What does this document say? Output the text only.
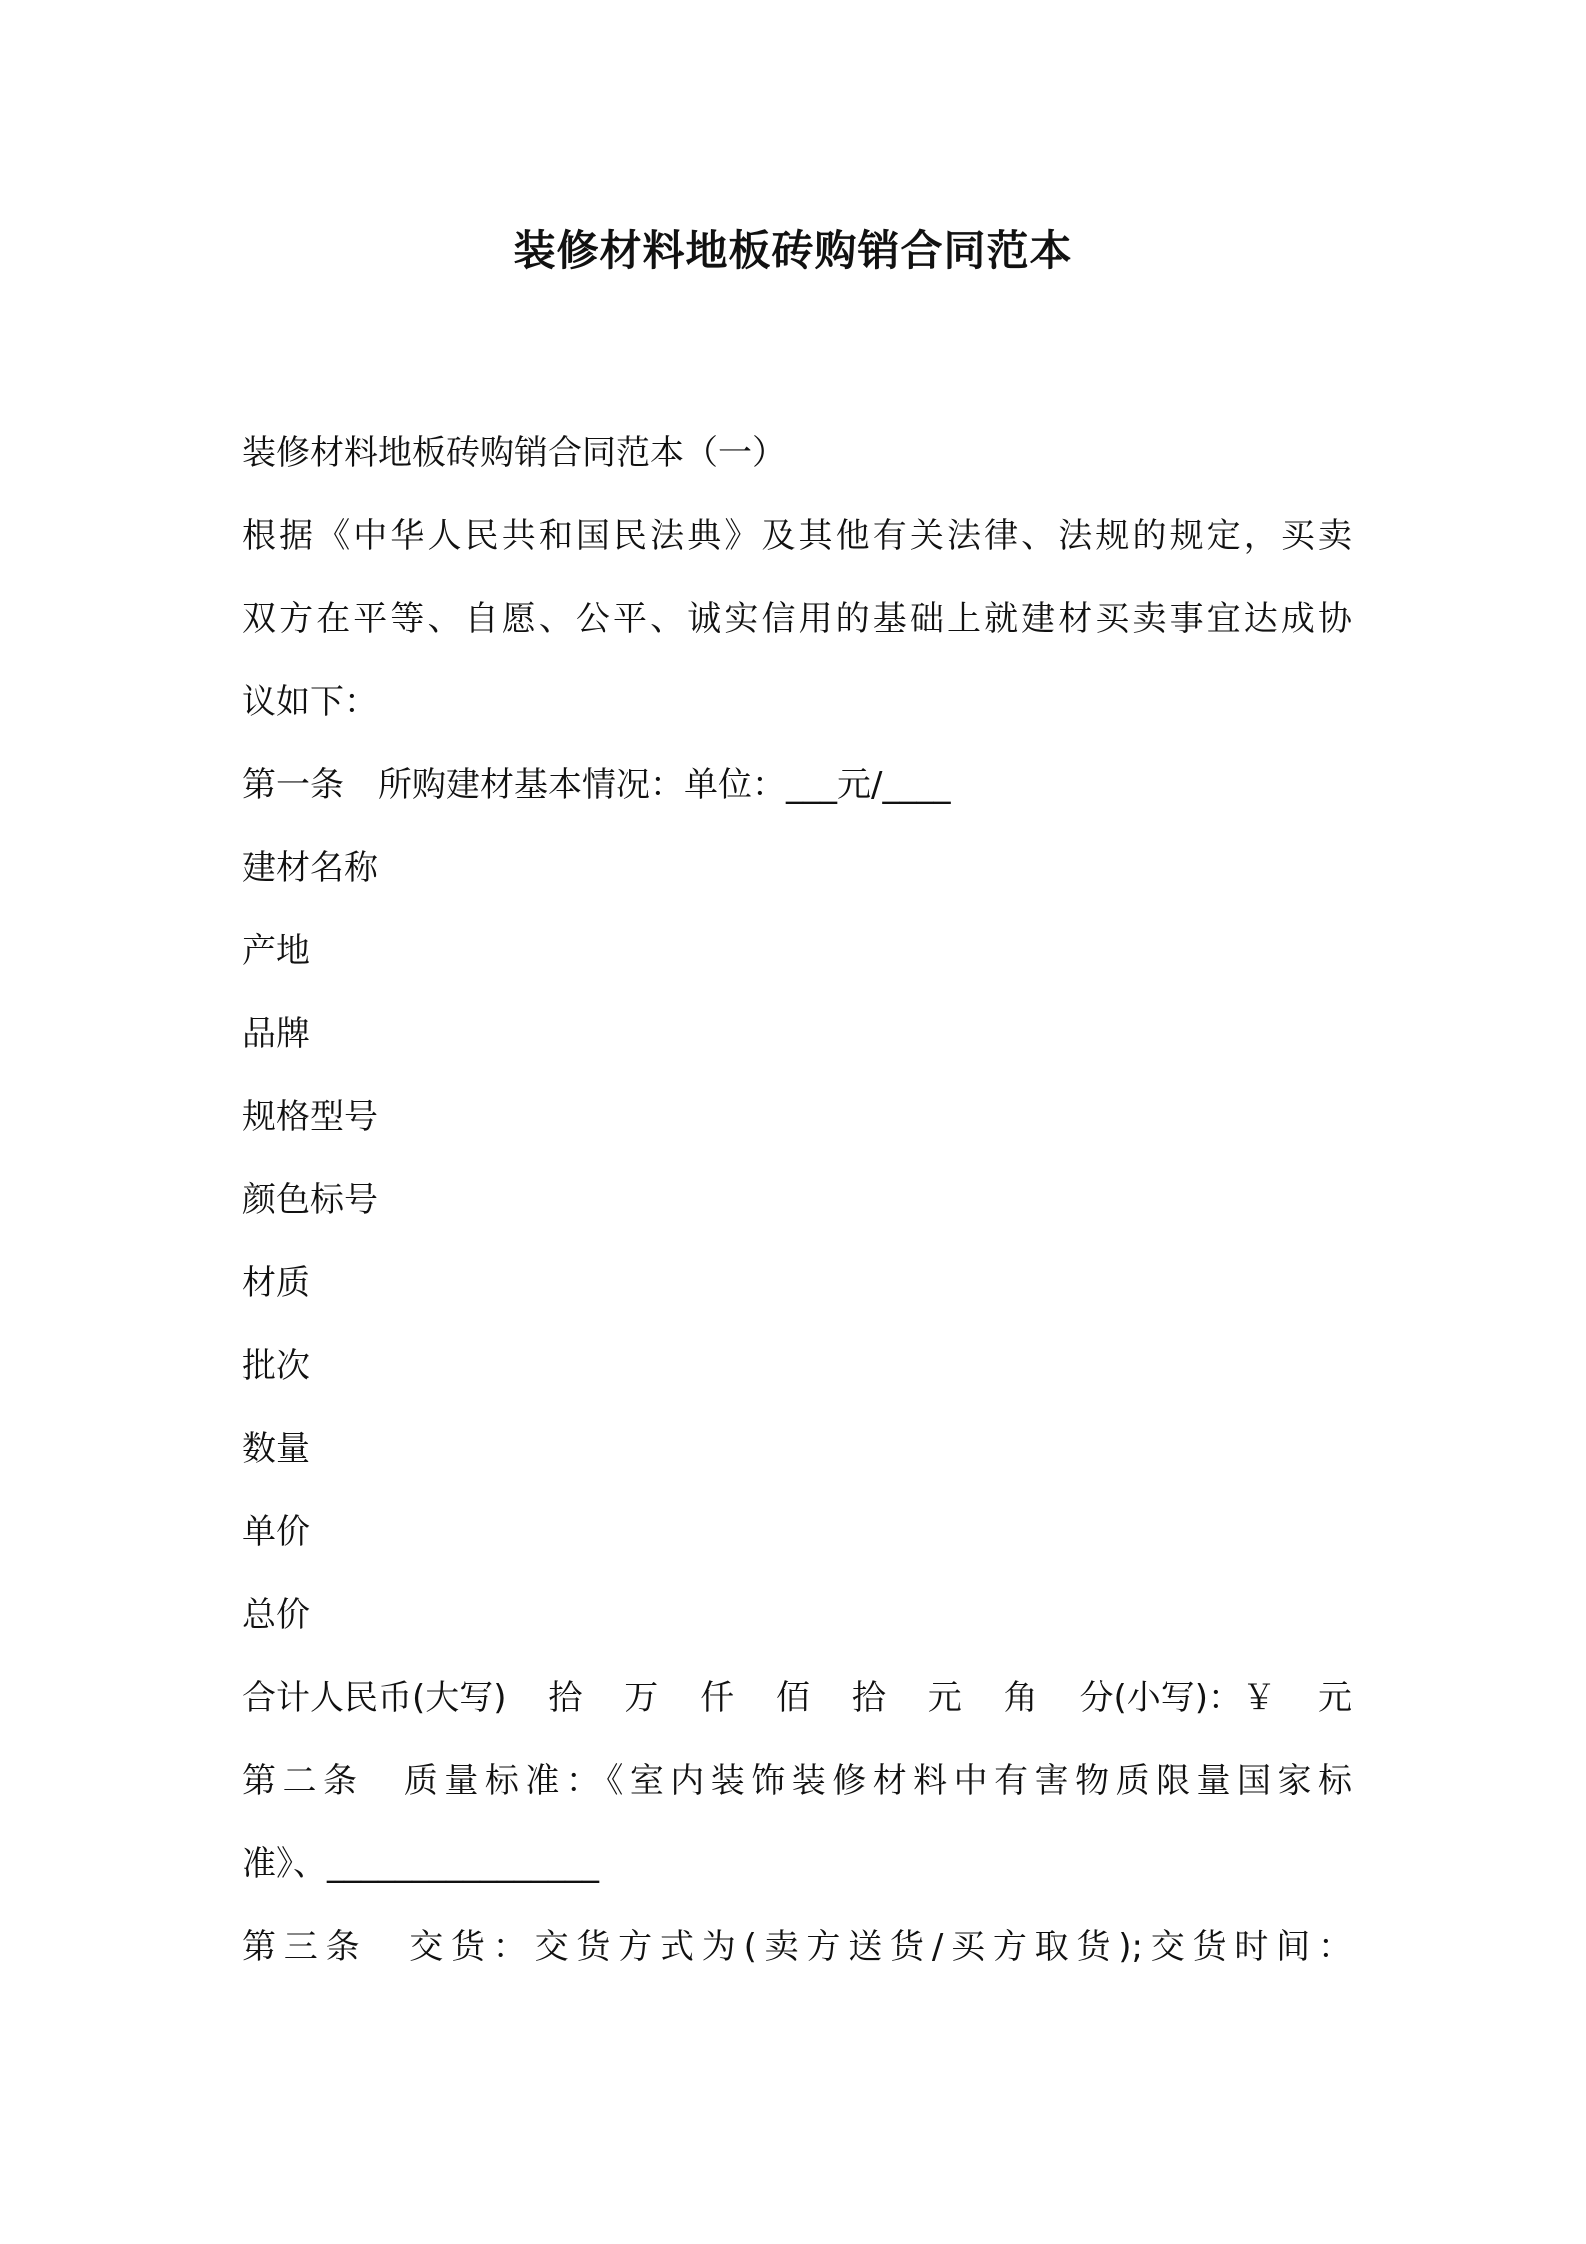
装修材料地板砖购销合同范本

装修材料地板砖购销合同范本（一）

根据《中华人民共和国民法典》及其他有关法律、法规的规定，买卖

双方在平等、自愿、公平、诚实信用的基础上就建材买卖事宜达成协

议如下：

第一条　所购建材基本情况：单位：___元/____

建材名称

产地

品牌

规格型号

颜色标号

材质

批次

数量

单价

总价

合计人民币(大写) 拾 万 仟 佰 拾 元 角 分(小写)：￥ 元

第二条　质量标准：《室内装饰装修材料中有害物质限量国家标

准》、________________

第三条　交货：交货方式为(卖方送货/买方取货);交货时间：
